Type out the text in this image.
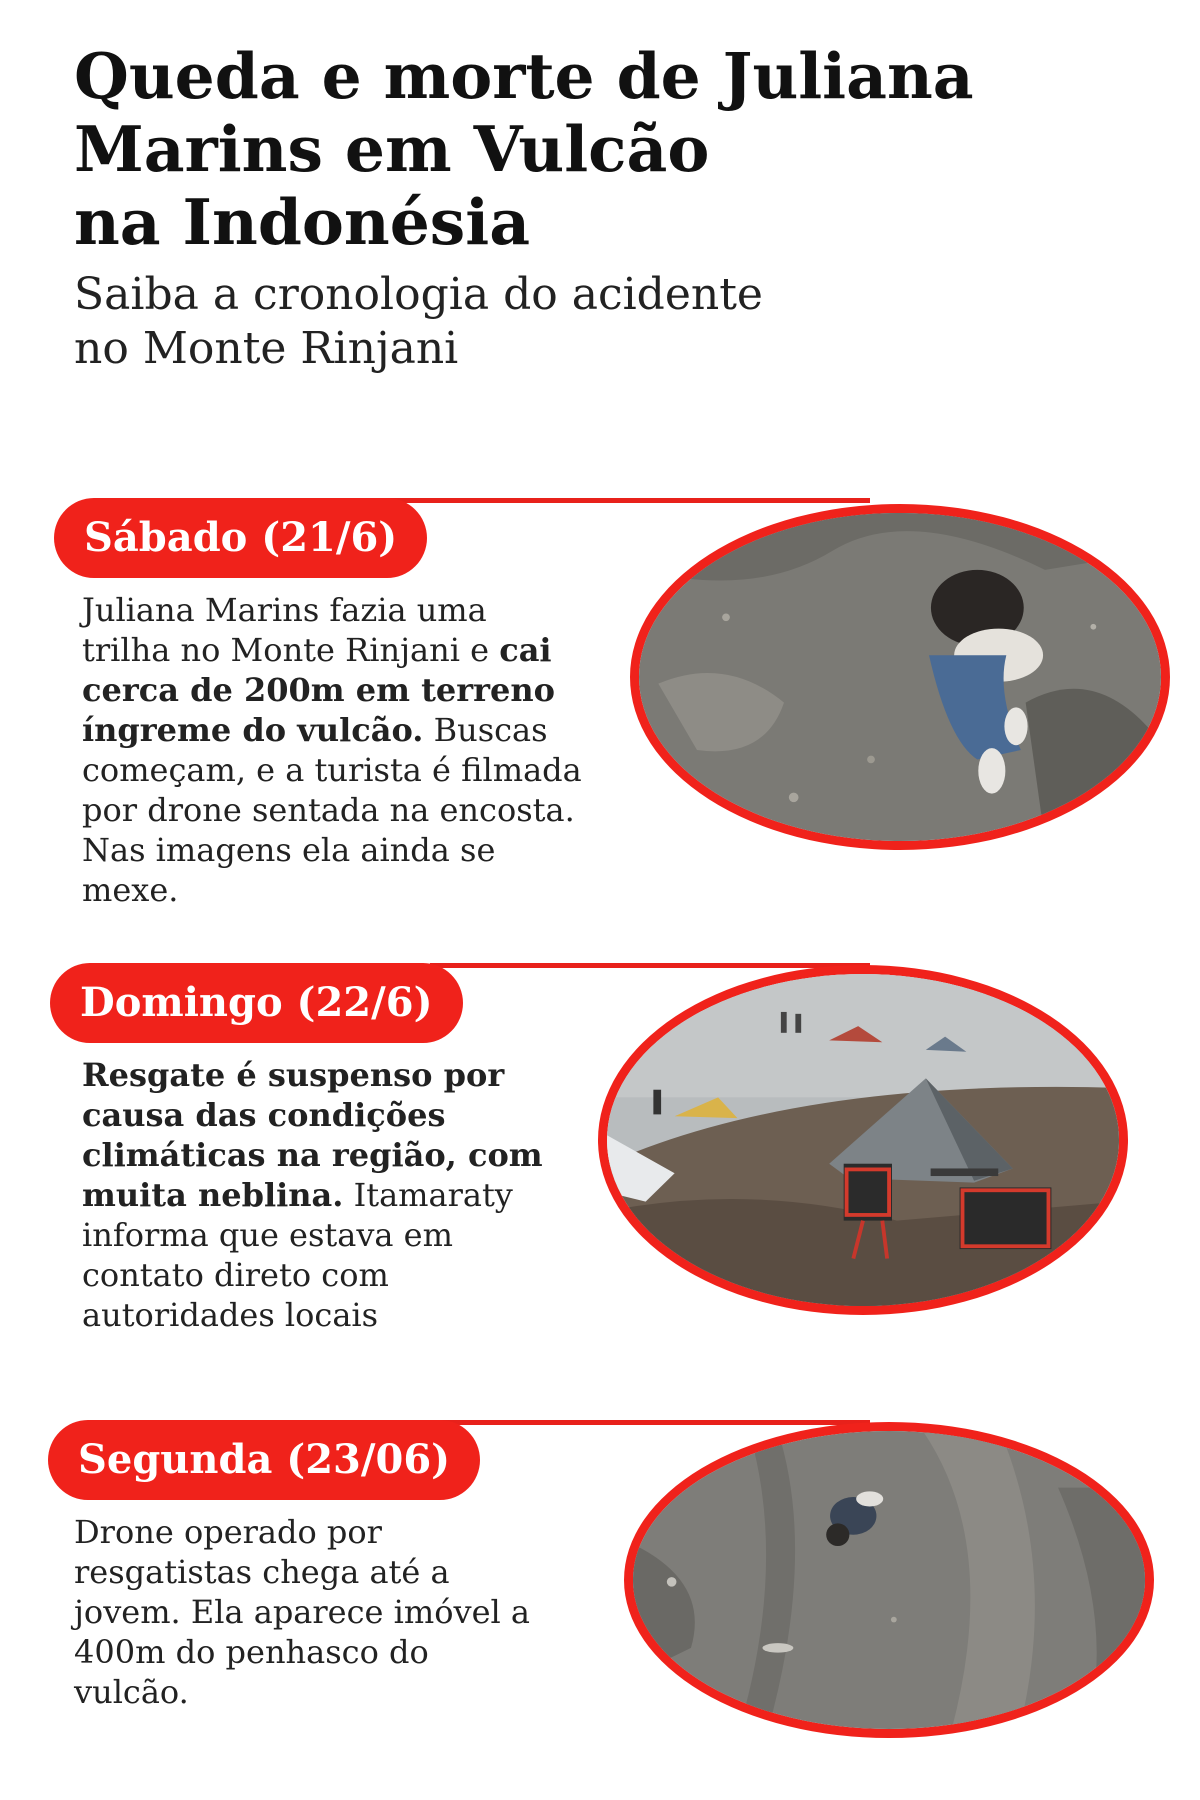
Queda e morte de Juliana
Marins em Vulcão
na Indonésia
Saiba a cronologia do acidente
no Monte Rinjani
Sábado (21/6)

Juliana Marins fazia uma trilha no Monte Rinjani e cai cerca de 200m em terreno íngreme do vulcão. Buscas começam, e a turista é filmada por drone sentada na encosta. Nas imagens ela ainda se mexe.

Domingo (22/6)

Resgate é suspenso por causa das condições climáticas na região, com muita neblina. Itamaraty informa que estava em contato direto com autoridades locais

Segunda (23/06)

Drone operado por resgatistas chega até a jovem. Ela aparece imóvel a 400m do penhasco do vulcão.
